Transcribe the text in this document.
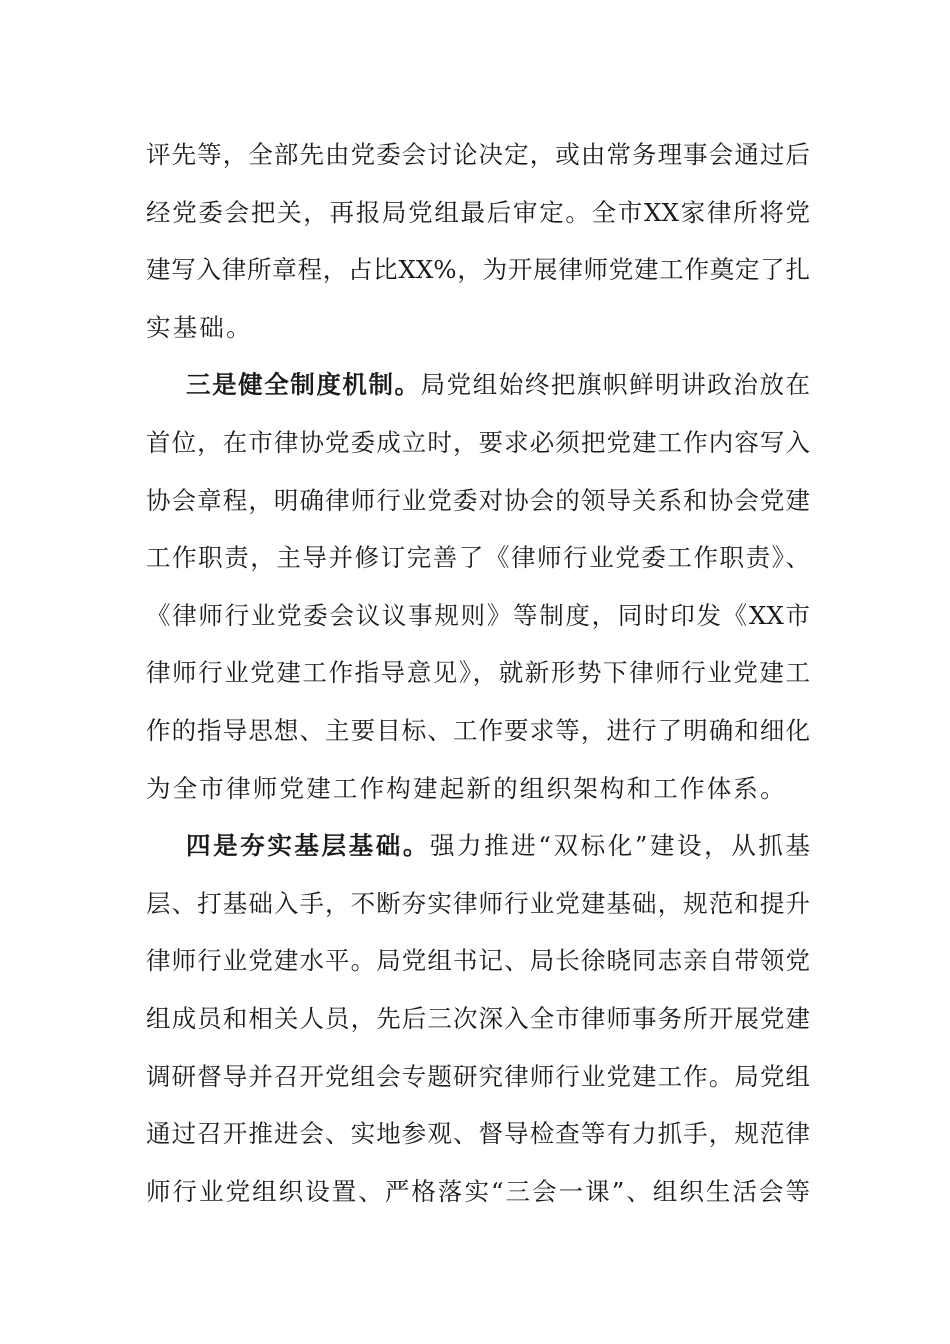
评先等，全部先由党委会讨论决定，或由常务理事会通过后
经党委会把关，再报局党组最后审定。全市XX家律所将党
建写入律所章程，占比XX%，为开展律师党建工作奠定了扎
实基础。
三是健全制度机制。局党组始终把旗帜鲜明讲政治放在
首位，在市律协党委成立时，要求必须把党建工作内容写入
协会章程，明确律师行业党委对协会的领导关系和协会党建
工作职责，主导并修订完善了《律师行业党委工作职责》、
《律师行业党委会议议事规则》等制度，同时印发《XX市
律师行业党建工作指导意见》，就新形势下律师行业党建工
作的指导思想、主要目标、工作要求等，进行了明确和细化
为全市律师党建工作构建起新的组织架构和工作体系。
四是夯实基层基础。强力推进“双标化”建设，从抓基
层、打基础入手，不断夯实律师行业党建基础，规范和提升
律师行业党建水平。局党组书记、局长徐晓同志亲自带领党
组成员和相关人员，先后三次深入全市律师事务所开展党建
调研督导并召开党组会专题研究律师行业党建工作。局党组
通过召开推进会、实地参观、督导检查等有力抓手，规范律
师行业党组织设置、严格落实“三会一课”、组织生活会等
